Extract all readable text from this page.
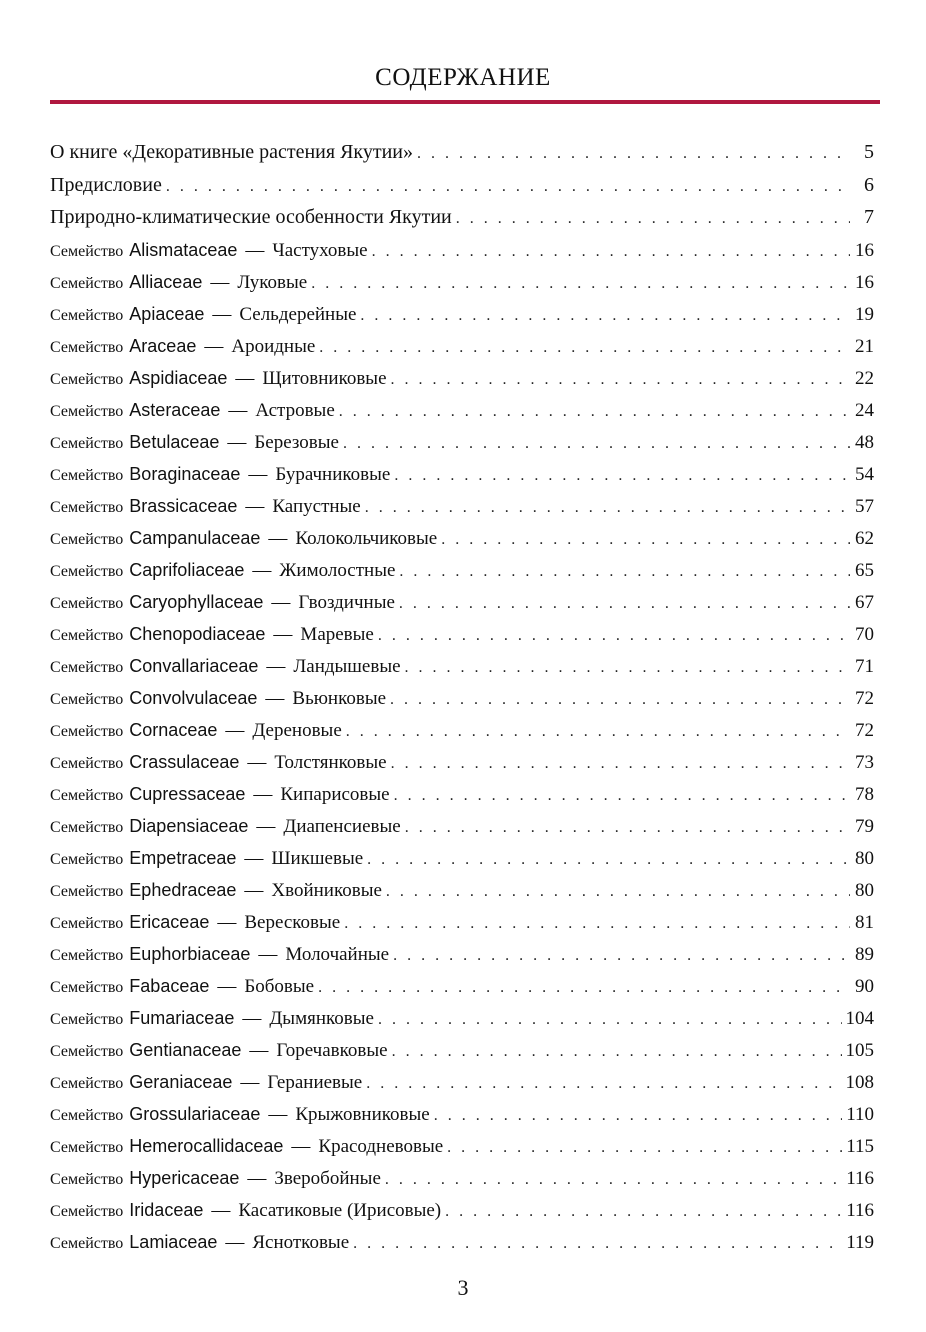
СОДЕРЖАНИЕ
О книге «Декоративные растения Якутии» . . .	5
Предисловие . . .	6
Природно-климатические особенности Якутии . . .	7
Семейство Alismataceae — Частуховые . . .	16
Семейство Alliaceae — Луковые . . .	16
Семейство Apiaceae — Сельдерейные . . .	19
Семейство Araceae — Ароидные . . .	21
Семейство Aspidiaceae — Щитовниковые . . .	22
Семейство Asteraceae — Астровые . . .	24
Семейство Betulaceae — Березовые . . .	48
Семейство Boraginaceae — Бурачниковые . . .	54
Семейство Brassicaceae — Капустные . . .	57
Семейство Campanulaceae — Колокольчиковые . . .	62
Семейство Caprifoliaceae — Жимолостные . . .	65
Семейство Caryophyllaceae — Гвоздичные . . .	67
Семейство Chenopodiaceae — Маревые . . .	70
Семейство Convallariaceae — Ландышевые . . .	71
Семейство Convolvulaceae — Вьюнковые . . .	72
Семейство Cornaceae — Дереновые . . .	72
Семейство Crassulaceae — Толстянковые . . .	73
Семейство Cupressaceae — Кипарисовые . . .	78
Семейство Diapensiaceae — Диапенсиевые . . .	79
Семейство Empetraceae — Шикшевые . . .	80
Семейство Ephedraceae — Хвойниковые . . .	80
Семейство Ericaceae — Вересковые . . .	81
Семейство Euphorbiaceae — Молочайные . . .	89
Семейство Fabaceae — Бобовые . . .	90
Семейство Fumariaceae — Дымянковые . . .	104
Семейство Gentianaceae — Горечавковые . . .	105
Семейство Geraniaceae — Гераниевые . . .	108
Семейство Grossulariaceae — Крыжовниковые . . .	110
Семейство Hemerocallidaceae — Красодневовые . . .	115
Семейство Hypericaceae — Зверобойные . . .	116
Семейство Iridaceae — Касатиковые (Ирисовые) . . .	116
Семейство Lamiaceae — Яснотковые . . .	119
3
